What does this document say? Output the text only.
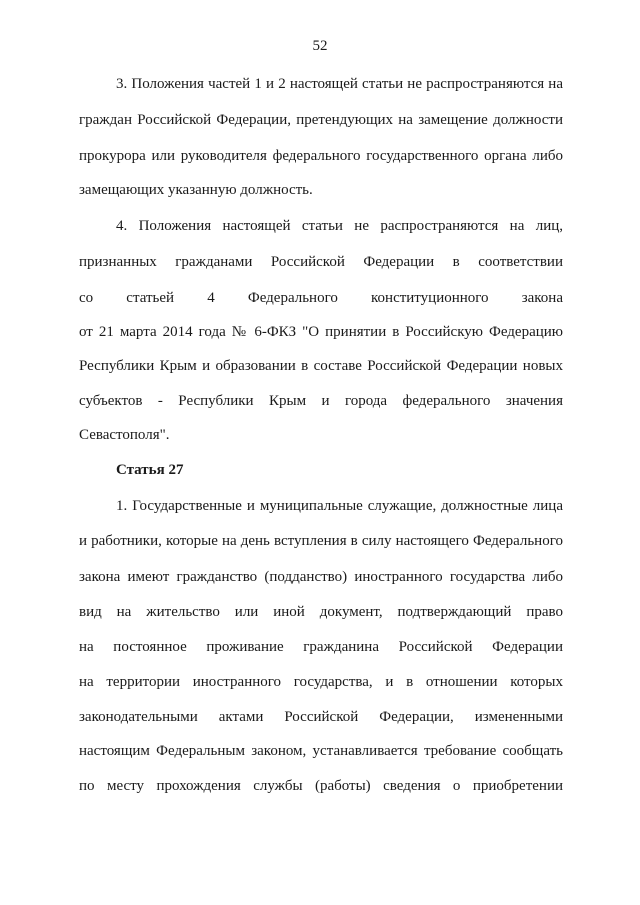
52
3. Положения частей 1 и 2 настоящей статьи не распространяются на
граждан Российской Федерации, претендующих на замещение должности
прокурора или руководителя федерального государственного органа либо
замещающих указанную должность.
4. Положения настоящей статьи не распространяются на лиц,
признанных гражданами Российской Федерации в соответствии
со статьей 4 Федерального конституционного закона
от 21 марта 2014 года № 6-ФКЗ "О принятии в Российскую Федерацию
Республики Крым и образовании в составе Российской Федерации новых
субъектов - Республики Крым и города федерального значения
Севастополя".
Статья 27
1. Государственные и муниципальные служащие, должностные лица
и работники, которые на день вступления в силу настоящего Федерального
закона имеют гражданство (подданство) иностранного государства либо
вид на жительство или иной документ, подтверждающий право
на постоянное проживание гражданина Российской Федерации
на территории иностранного государства, и в отношении которых
законодательными актами Российской Федерации, измененными
настоящим Федеральным законом, устанавливается требование сообщать
по месту прохождения службы (работы) сведения о приобретении
